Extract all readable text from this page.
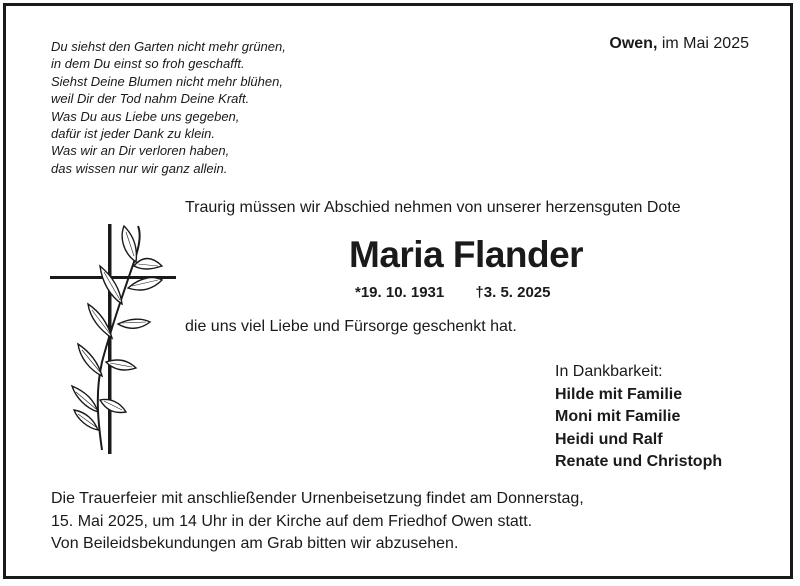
Du siehst den Garten nicht mehr grünen,
in dem Du einst so froh geschafft.
Siehst Deine Blumen nicht mehr blühen,
weil Dir der Tod nahm Deine Kraft.
Was Du aus Liebe uns gegeben,
dafür ist jeder Dank zu klein.
Was wir an Dir verloren haben,
das wissen nur wir ganz allein.
Owen, im Mai 2025
Traurig müssen wir Abschied nehmen von unserer herzensguten Dote
Maria Flander
*19. 10. 1931 †3. 5. 2025
die uns viel Liebe und Fürsorge geschenkt hat.
In Dankbarkeit:
Hilde mit Familie
Moni mit Familie
Heidi und Ralf
Renate und Christoph
Die Trauerfeier mit anschließender Urnenbeisetzung findet am Donnerstag,
15. Mai 2025, um 14 Uhr in der Kirche auf dem Friedhof Owen statt.
Von Beileidsbekundungen am Grab bitten wir abzusehen.
